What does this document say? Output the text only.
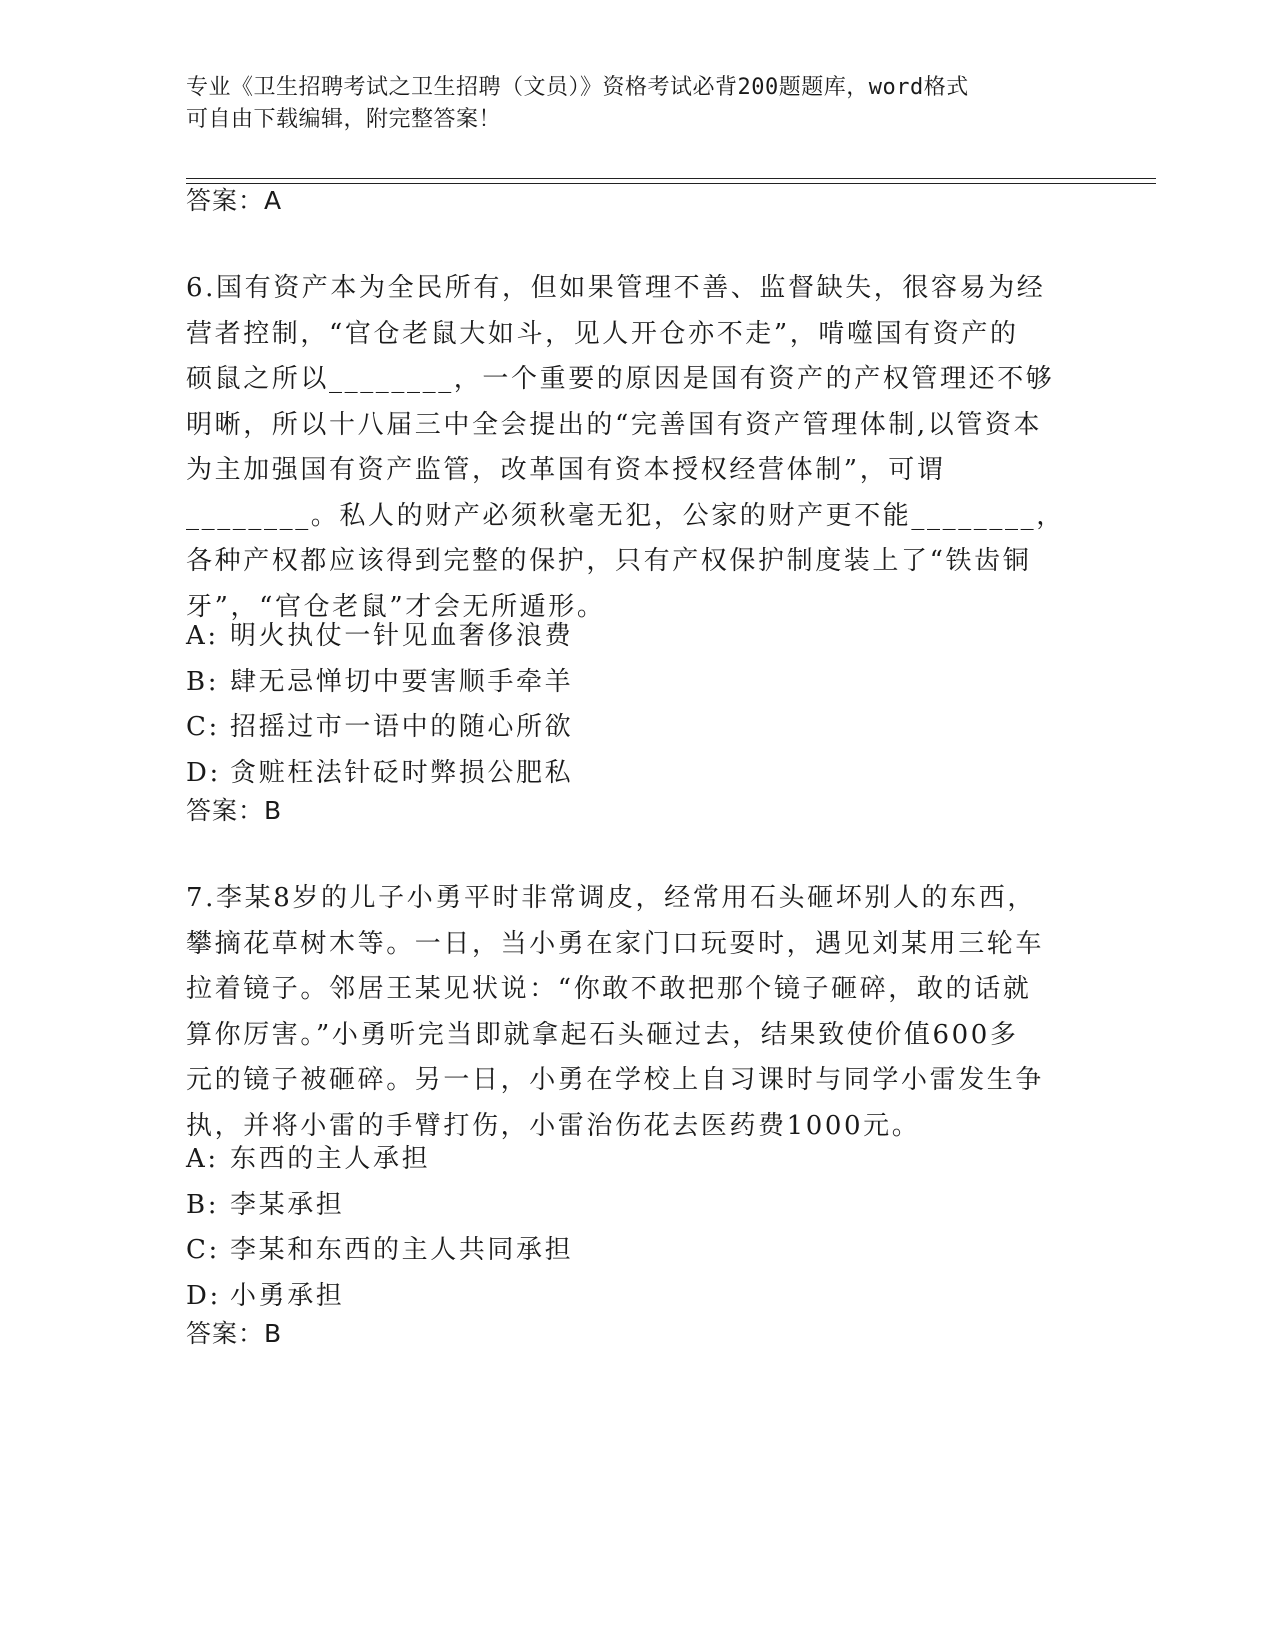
专业《卫生招聘考试之卫生招聘（文员）》资格考试必背200题题库，word格式
可自由下载编辑，附完整答案！
答案：A
6.国有资产本为全民所有，但如果管理不善、监督缺失，很容易为经
营者控制，“官仓老鼠大如斗，见人开仓亦不走”，啃噬国有资产的
硕鼠之所以________，一个重要的原因是国有资产的产权管理还不够
明晰，所以十八届三中全会提出的“完善国有资产管理体制,以管资本
为主加强国有资产监管，改革国有资本授权经营体制”，可谓
________。私人的财产必须秋毫无犯，公家的财产更不能________，
各种产权都应该得到完整的保护，只有产权保护制度装上了“铁齿铜
牙”，“官仓老鼠”才会无所遁形。
A: 明火执仗一针见血奢侈浪费
B: 肆无忌惮切中要害顺手牵羊
C: 招摇过市一语中的随心所欲
D: 贪赃枉法针砭时弊损公肥私
答案：B
7.李某8岁的儿子小勇平时非常调皮，经常用石头砸坏别人的东西，
攀摘花草树木等。一日，当小勇在家门口玩耍时，遇见刘某用三轮车
拉着镜子。邻居王某见状说：“你敢不敢把那个镜子砸碎，敢的话就
算你厉害。”小勇听完当即就拿起石头砸过去，结果致使价值600多
元的镜子被砸碎。另一日，小勇在学校上自习课时与同学小雷发生争
执，并将小雷的手臂打伤，小雷治伤花去医药费1000元。
A: 东西的主人承担
B: 李某承担
C: 李某和东西的主人共同承担
D: 小勇承担
答案：B
